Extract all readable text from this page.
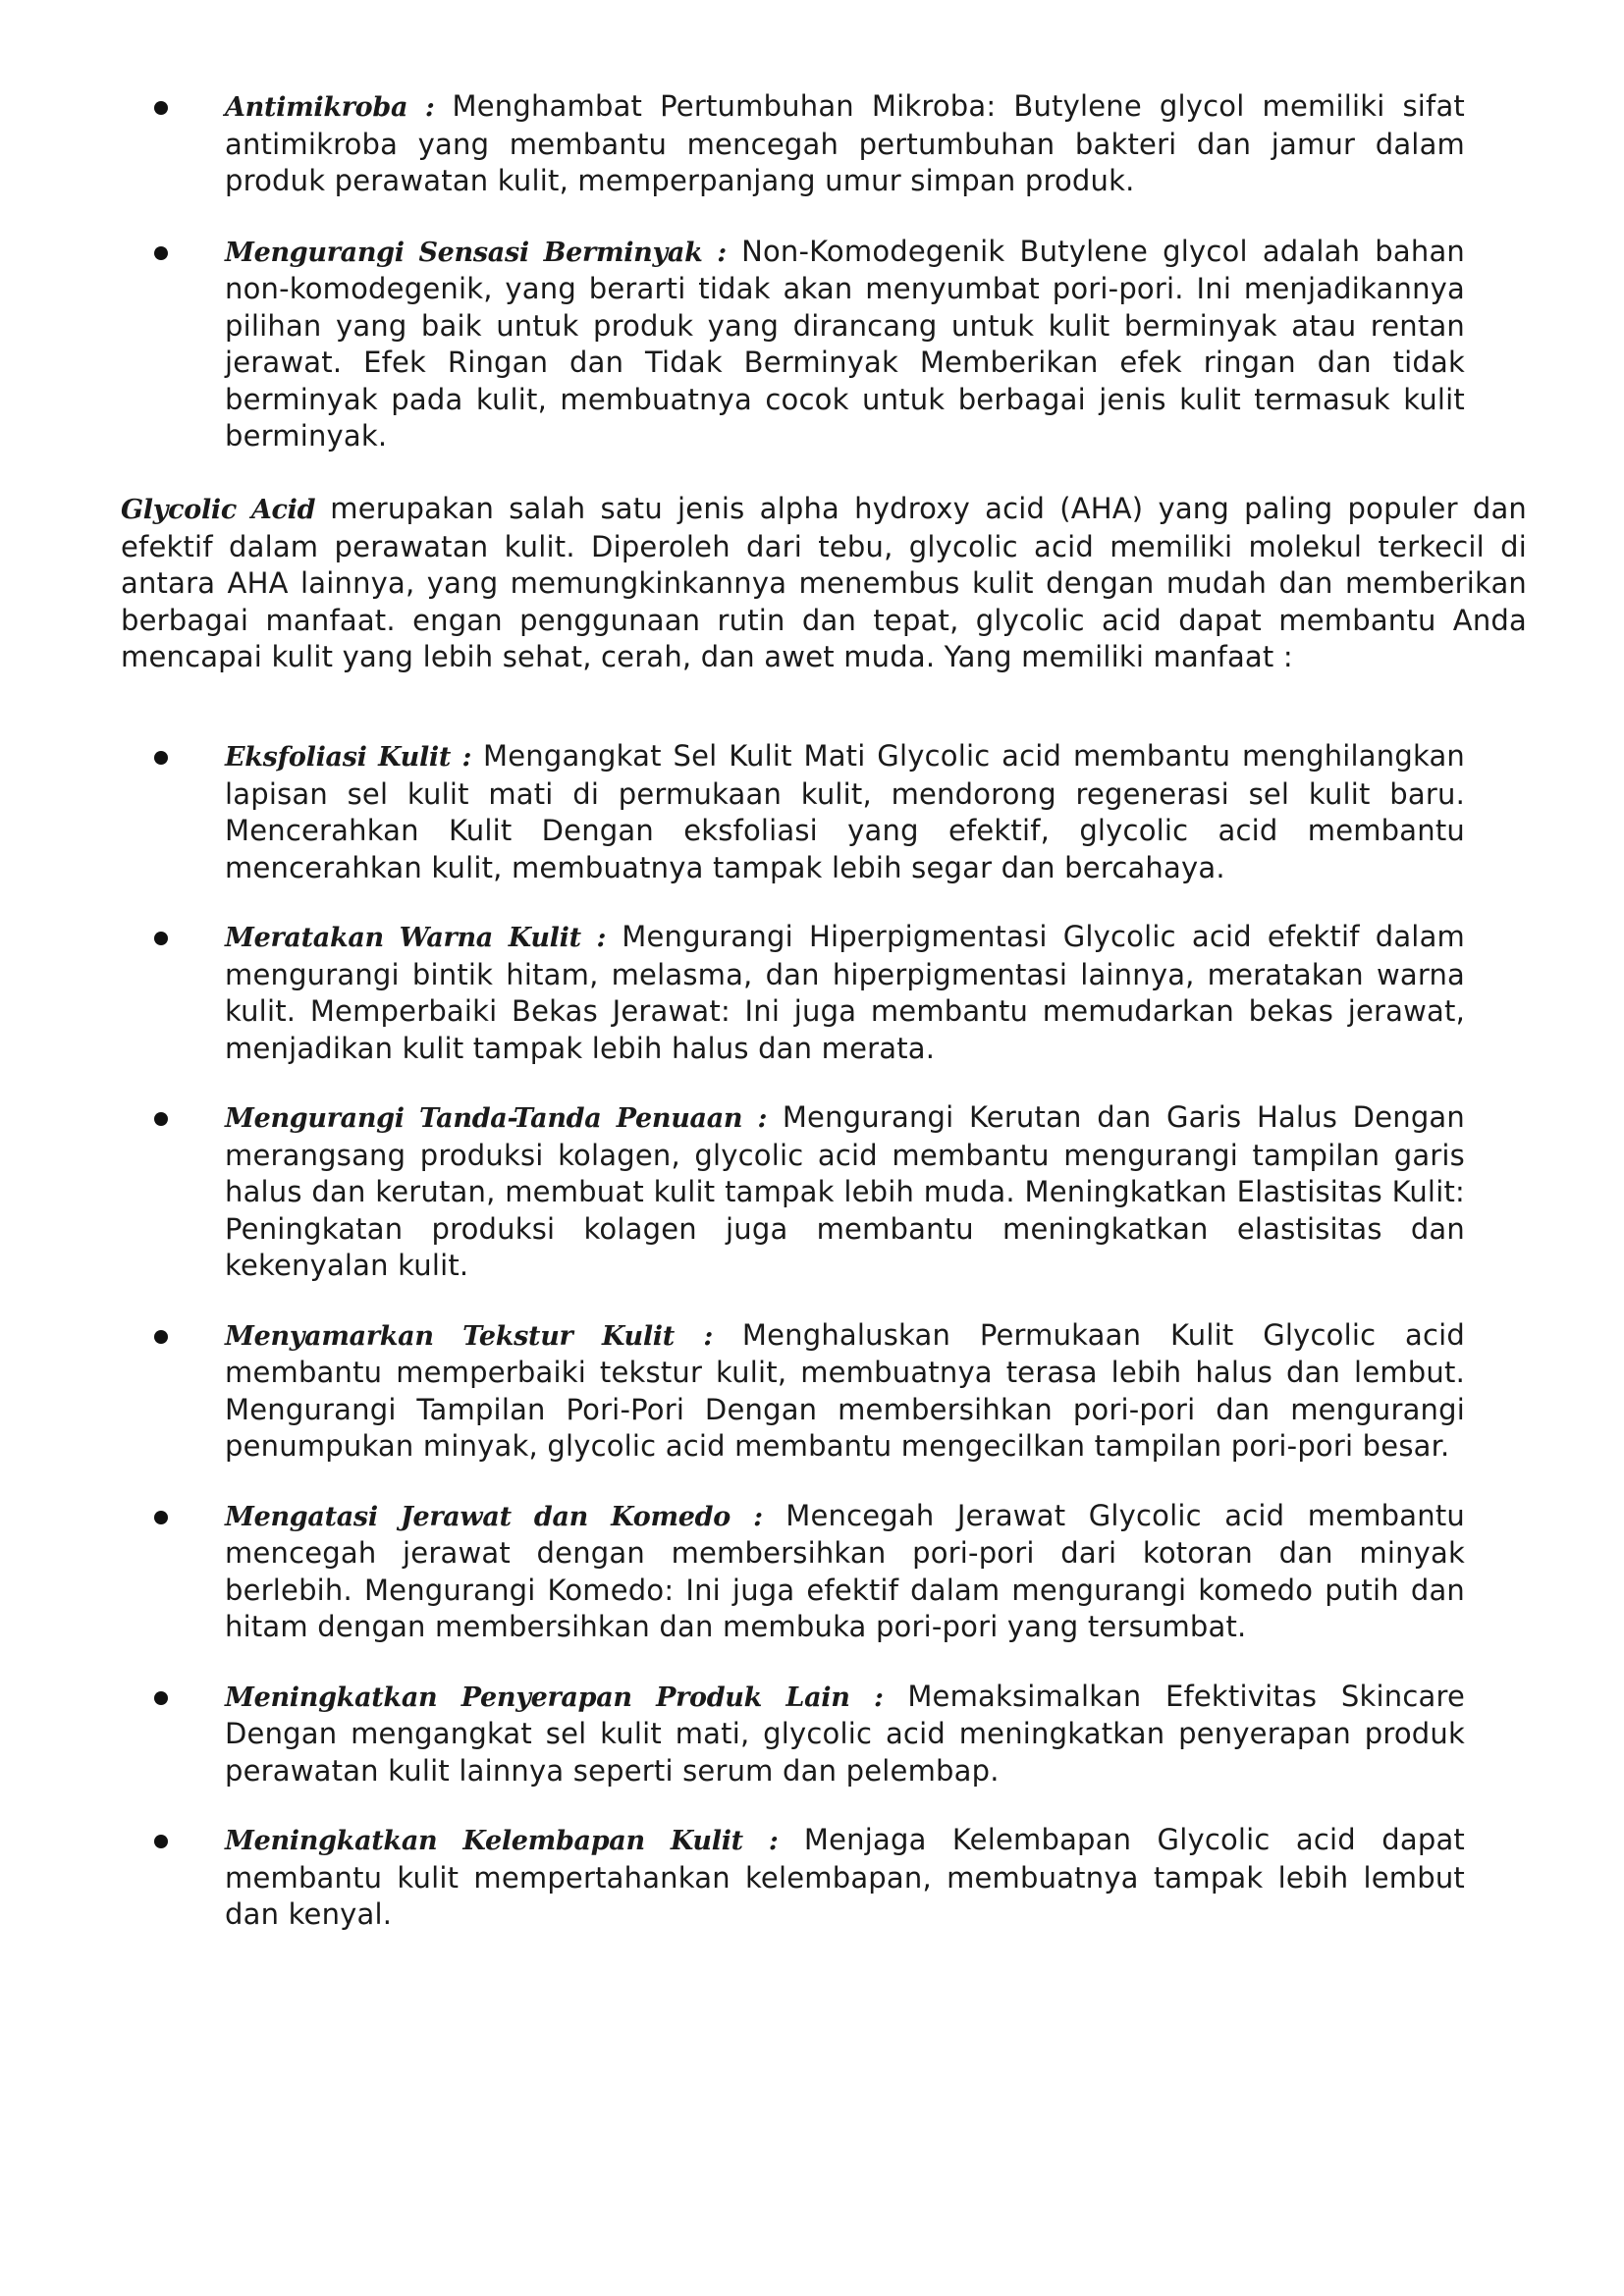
Antimikroba : Menghambat Pertumbuhan Mikroba: Butylene glycol memiliki sifat antimikroba yang membantu mencegah pertumbuhan bakteri dan jamur dalam produk perawatan kulit, memperpanjang umur simpan produk.
Mengurangi Sensasi Berminyak : Non-Komodegenik Butylene glycol adalah bahan non-komodegenik, yang berarti tidak akan menyumbat pori-pori. Ini menjadikannya pilihan yang baik untuk produk yang dirancang untuk kulit berminyak atau rentan jerawat. Efek Ringan dan Tidak Berminyak Memberikan efek ringan dan tidak berminyak pada kulit, membuatnya cocok untuk berbagai jenis kulit termasuk kulit berminyak.

Glycolic Acid merupakan salah satu jenis alpha hydroxy acid (AHA) yang paling populer dan efektif dalam perawatan kulit. Diperoleh dari tebu, glycolic acid memiliki molekul terkecil di antara AHA lainnya, yang memungkinkannya menembus kulit dengan mudah dan memberikan berbagai manfaat. engan penggunaan rutin dan tepat, glycolic acid dapat membantu Anda mencapai kulit yang lebih sehat, cerah, dan awet muda. Yang memiliki manfaat :

Eksfoliasi Kulit : Mengangkat Sel Kulit Mati Glycolic acid membantu menghilangkan lapisan sel kulit mati di permukaan kulit, mendorong regenerasi sel kulit baru. Mencerahkan Kulit Dengan eksfoliasi yang efektif, glycolic acid membantu mencerahkan kulit, membuatnya tampak lebih segar dan bercahaya.
Meratakan Warna Kulit : Mengurangi Hiperpigmentasi Glycolic acid efektif dalam mengurangi bintik hitam, melasma, dan hiperpigmentasi lainnya, meratakan warna kulit. Memperbaiki Bekas Jerawat: Ini juga membantu memudarkan bekas jerawat, menjadikan kulit tampak lebih halus dan merata.
Mengurangi Tanda-Tanda Penuaan : Mengurangi Kerutan dan Garis Halus Dengan merangsang produksi kolagen, glycolic acid membantu mengurangi tampilan garis halus dan kerutan, membuat kulit tampak lebih muda. Meningkatkan Elastisitas Kulit: Peningkatan produksi kolagen juga membantu meningkatkan elastisitas dan kekenyalan kulit.
Menyamarkan Tekstur Kulit : Menghaluskan Permukaan Kulit Glycolic acid membantu memperbaiki tekstur kulit, membuatnya terasa lebih halus dan lembut. Mengurangi Tampilan Pori-Pori Dengan membersihkan pori-pori dan mengurangi penumpukan minyak, glycolic acid membantu mengecilkan tampilan pori-pori besar.
Mengatasi Jerawat dan Komedo : Mencegah Jerawat Glycolic acid membantu mencegah jerawat dengan membersihkan pori-pori dari kotoran dan minyak berlebih. Mengurangi Komedo: Ini juga efektif dalam mengurangi komedo putih dan hitam dengan membersihkan dan membuka pori-pori yang tersumbat.
Meningkatkan Penyerapan Produk Lain : Memaksimalkan Efektivitas Skincare Dengan mengangkat sel kulit mati, glycolic acid meningkatkan penyerapan produk perawatan kulit lainnya seperti serum dan pelembap.
Meningkatkan Kelembapan Kulit : Menjaga Kelembapan Glycolic acid dapat membantu kulit mempertahankan kelembapan, membuatnya tampak lebih lembut dan kenyal.
